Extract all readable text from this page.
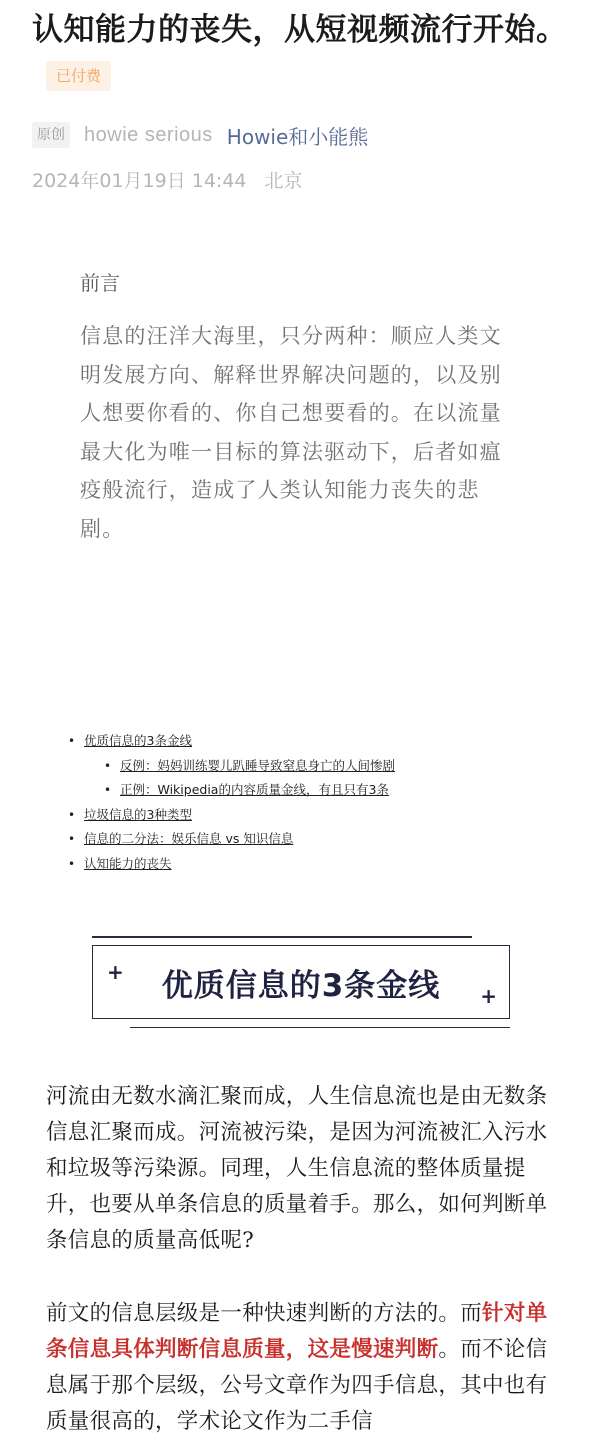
认知能力的丧失，从短视频流行开始。已付费
原创 howie serious Howie和小能熊
2024年01月19日 14:44 北京
前言

信息的汪洋大海里，只分两种：顺应人类文明发展方向、解释世界解决问题的，以及别人想要你看的、你自己想要看的。在以流量最大化为唯一目标的算法驱动下，后者如瘟疫般流行，造成了人类认知能力丧失的悲剧。

• 优质信息的3条金线
• 反例：妈妈训练婴儿趴睡导致窒息身亡的人间惨剧
• 正例：Wikipedia的内容质量金线，有且只有3条
• 垃圾信息的3种类型
• 信息的二分法：娱乐信息 vs 知识信息
• 认知能力的丧失
+ 优质信息的3条金线 +

河流由无数水滴汇聚而成，人生信息流也是由无数条信息汇聚而成。河流被污染，是因为河流被汇入污水和垃圾等污染源。同理，人生信息流的整体质量提升，也要从单条信息的质量着手。那么，如何判断单条信息的质量高低呢?

前文的信息层级是一种快速判断的方法的。而针对单条信息具体判断信息质量，这是慢速判断。而不论信息属于那个层级，公号文章作为四手信息，其中也有质量很高的，学术论文作为二手信
